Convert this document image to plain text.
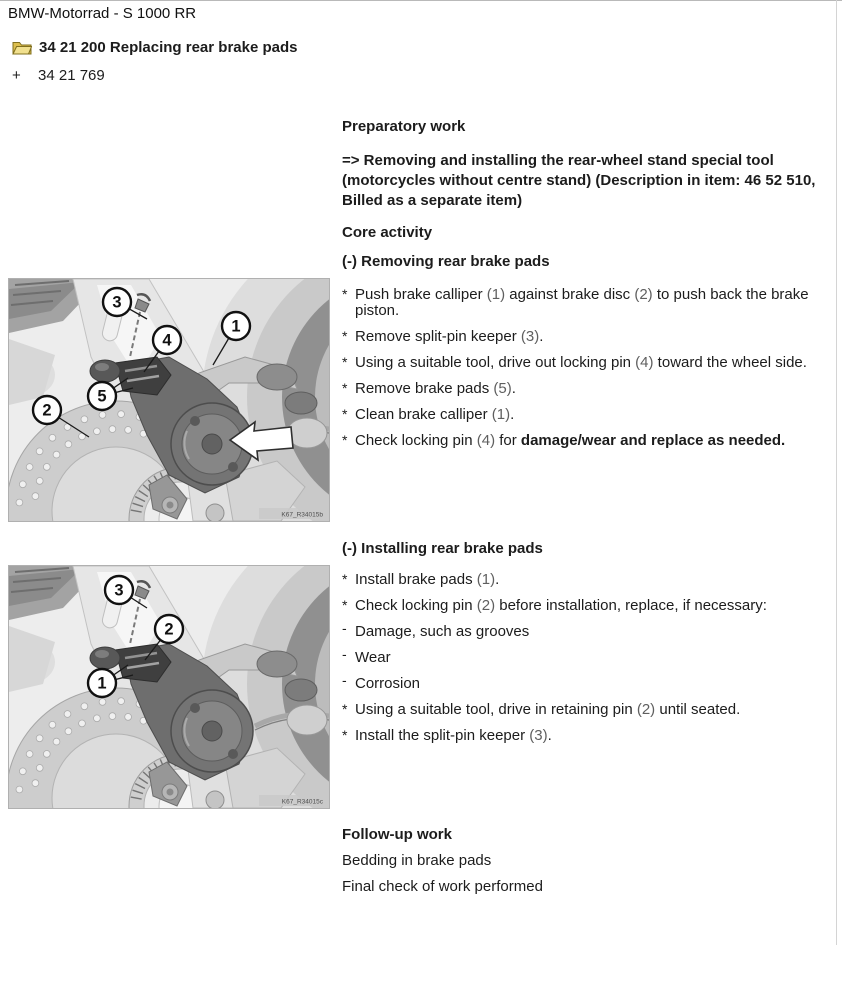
BMW-Motorrad - S 1000 RR
34 21 200 Replacing rear brake pads
+ 34 21 769
Preparatory work
=> Removing and installing the rear-wheel stand special tool (motorcycles without centre stand) (Description in item: 46 52 510, Billed as a separate item)
Core activity
(-) Removing rear brake pads
* Push brake calliper (1) against brake disc (2) to push back the brake piston.
* Remove split-pin keeper (3).
* Using a suitable tool, drive out locking pin (4) toward the wheel side.
* Remove brake pads (5).
* Clean brake calliper (1).
* Check locking pin (4) for damage/wear and replace as needed.
(-) Installing rear brake pads
* Install brake pads (1).
* Check locking pin (2) before installation, replace, if necessary:
- Damage, such as grooves
- Wear
- Corrosion
* Using a suitable tool, drive in retaining pin (2) until seated.
* Install the split-pin keeper (3).
Follow-up work
Bedding in brake pads
Final check of work performed
3
1
4
5
2
K67_R34015b
3
2
1
K67_R34015c
